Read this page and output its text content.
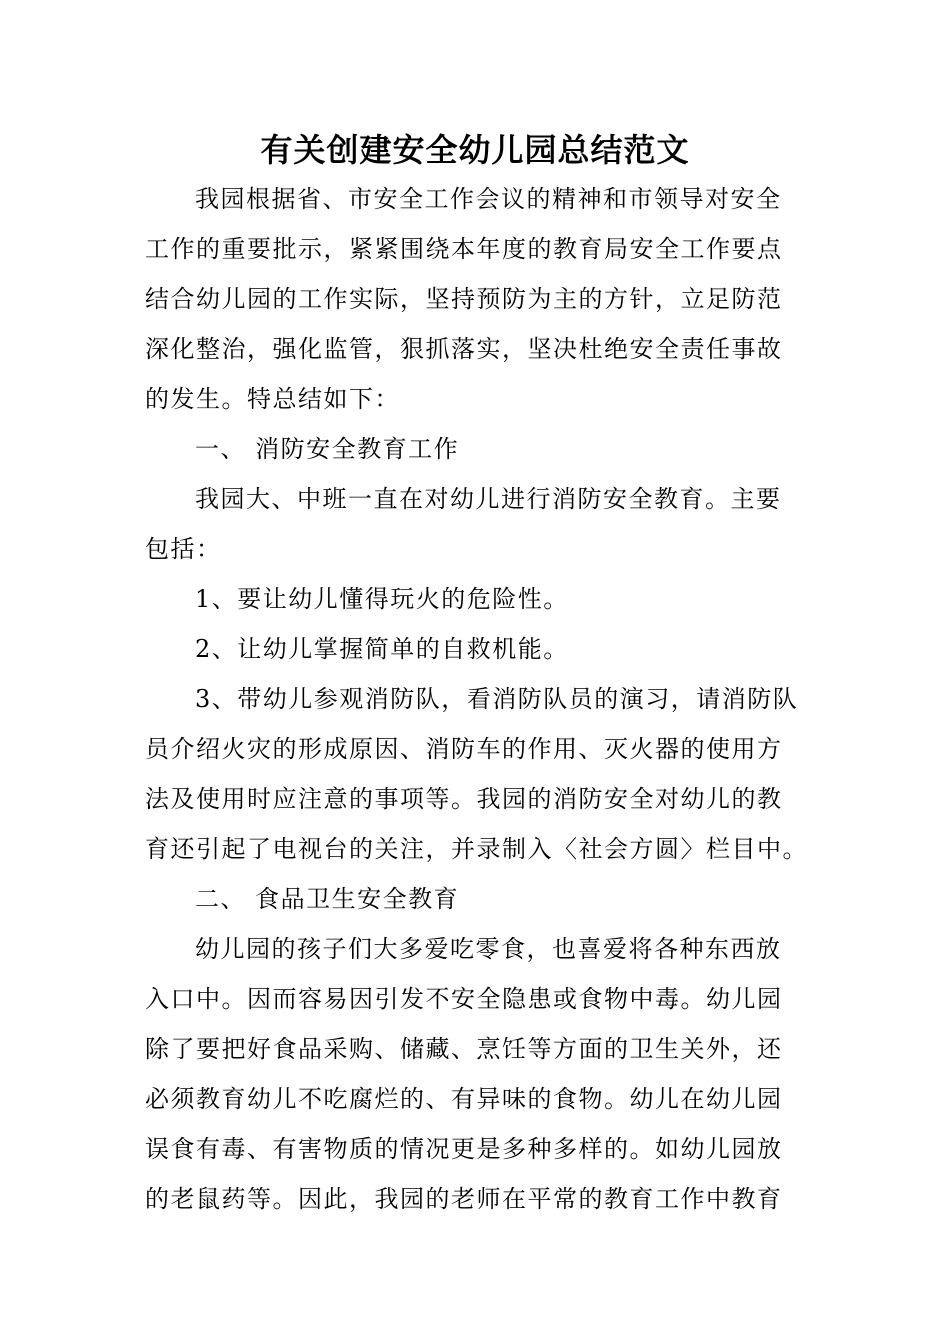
有关创建安全幼儿园总结范文
我园根据省、市安全工作会议的精神和市领导对安全
工作的重要批示，紧紧围绕本年度的教育局安全工作要点
结合幼儿园的工作实际，坚持预防为主的方针，立足防范
深化整治，强化监管，狠抓落实，坚决杜绝安全责任事故
的发生。特总结如下：
一、 消防安全教育工作
我园大、中班一直在对幼儿进行消防安全教育。主要
包括：
1、要让幼儿懂得玩火的危险性。
2、让幼儿掌握简单的自救机能。
3、带幼儿参观消防队，看消防队员的演习，请消防队
员介绍火灾的形成原因、消防车的作用、灭火器的使用方
法及使用时应注意的事项等。我园的消防安全对幼儿的教
育还引起了电视台的关注，并录制入〈社会方圆〉栏目中。
二、 食品卫生安全教育
幼儿园的孩子们大多爱吃零食，也喜爱将各种东西放
入口中。因而容易因引发不安全隐患或食物中毒。幼儿园
除了要把好食品采购、储藏、烹饪等方面的卫生关外，还
必须教育幼儿不吃腐烂的、有异味的食物。幼儿在幼儿园
误食有毒、有害物质的情况更是多种多样的。如幼儿园放
的老鼠药等。因此，我园的老师在平常的教育工作中教育
